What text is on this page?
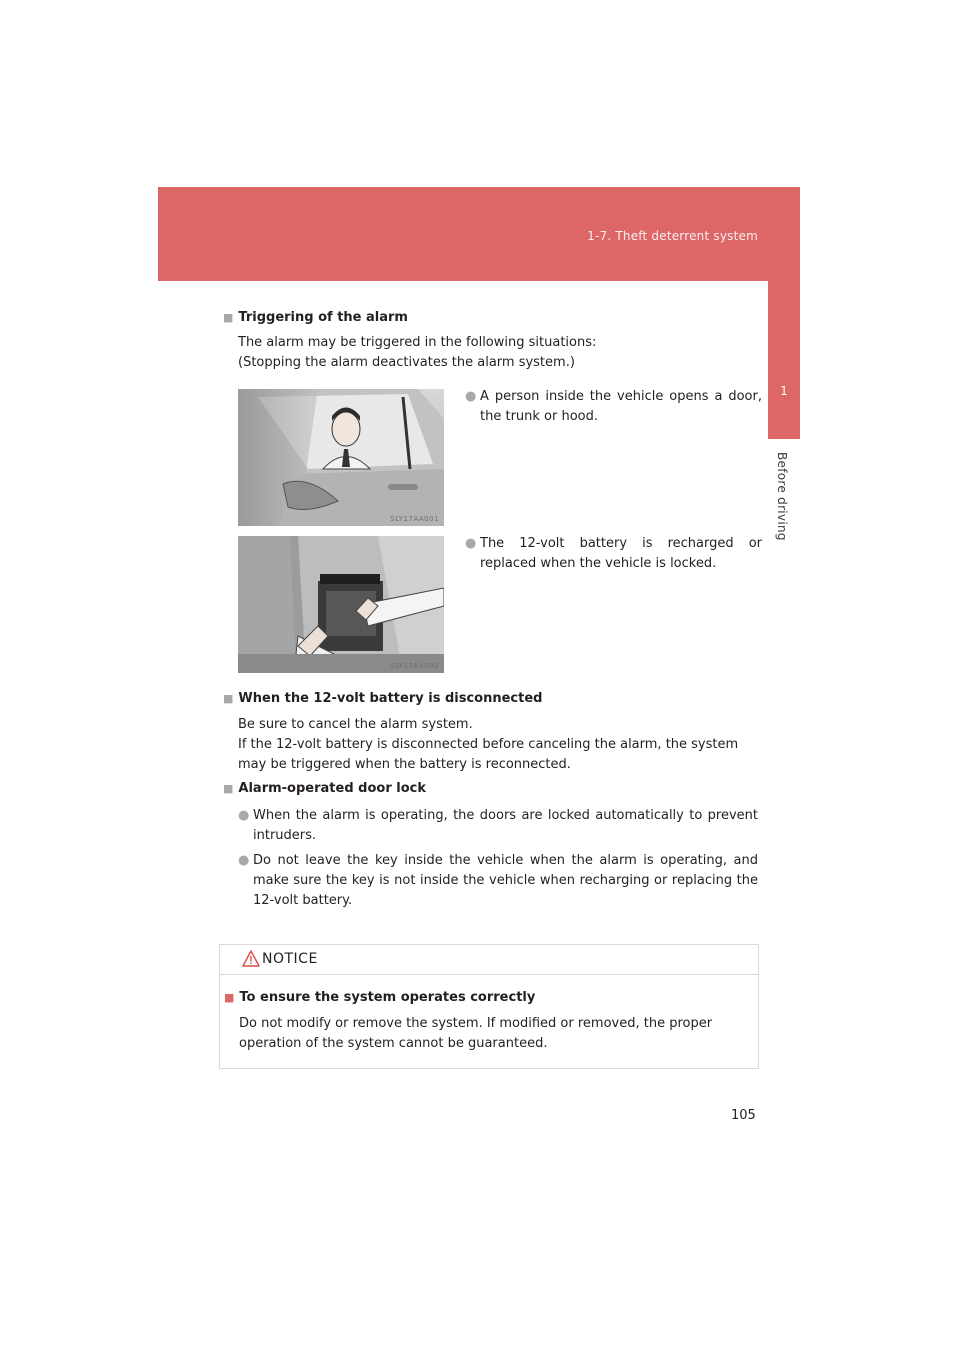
1-7. Theft deterrent system
1
Before driving
■ Triggering of the alarm
The alarm may be triggered in the following situations:
(Stopping the alarm deactivates the alarm system.)
SLY17AA001
● A person inside the vehicle opens a door, the trunk or hood.
SLY17AA002
● The 12-volt battery is recharged or replaced when the vehicle is locked.
■ When the 12-volt battery is disconnected
Be sure to cancel the alarm system.
If the 12-volt battery is disconnected before canceling the alarm, the system may be triggered when the battery is reconnected.
■ Alarm-operated door lock
● When the alarm is operating, the doors are locked automatically to prevent intruders.
● Do not leave the key inside the vehicle when the alarm is operating, and make sure the key is not inside the vehicle when recharging or replacing the 12-volt battery.
NOTICE
■ To ensure the system operates correctly
Do not modify or remove the system. If modified or removed, the proper operation of the system cannot be guaranteed.
105
